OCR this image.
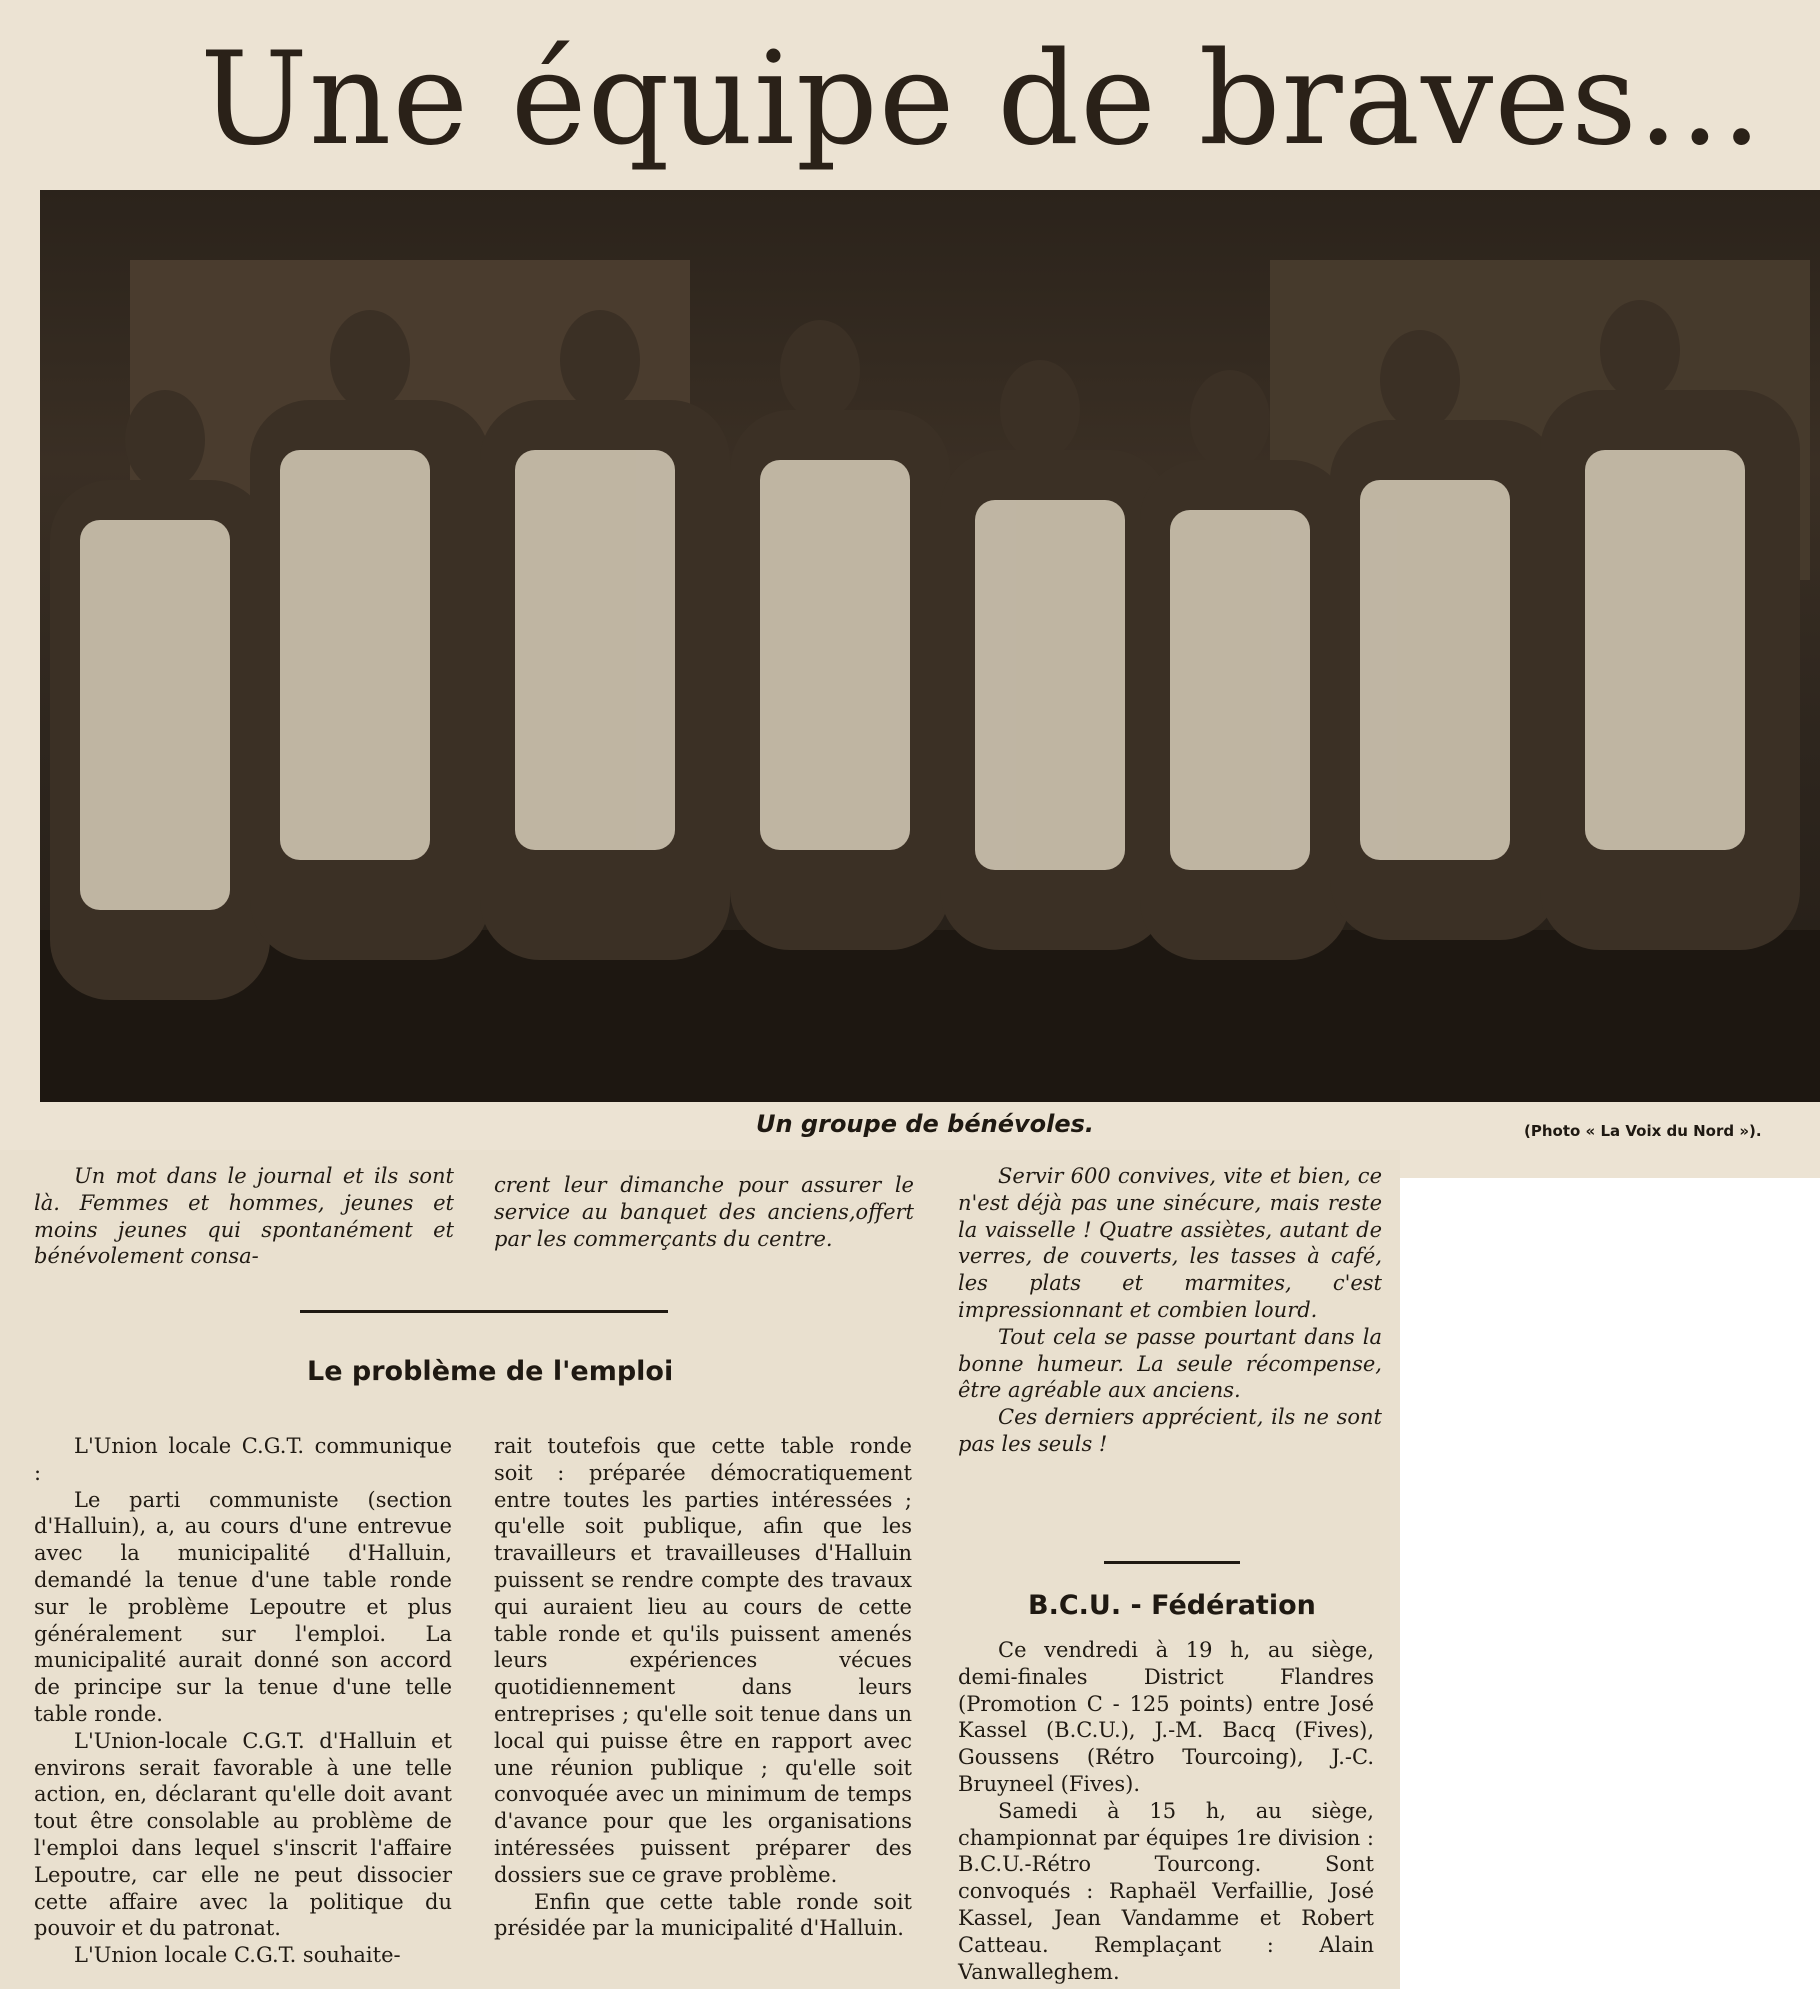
Une équipe de braves...
Un groupe de bénévoles.	(Photo « La Voix du Nord »).

Un mot dans le journal et ils sont là. Femmes et hommes, jeunes et moins jeunes qui spontanément et bénévolement consa-

crent leur dimanche pour assurer le service au banquet des anciens,offert par les commerçants du centre.

Le problème de l'emploi

L'Union locale C.G.T. communique :

Le parti communiste (section d'Halluin), a, au cours d'une entrevue avec la municipalité d'Halluin, demandé la tenue d'une table ronde sur le problème Lepoutre et plus généralement sur l'emploi. La municipalité aurait donné son accord de principe sur la tenue d'une telle table ronde.

L'Union-locale C.G.T. d'Halluin et environs serait favorable à une telle action, en, déclarant qu'elle doit avant tout être consolable au problème de l'emploi dans lequel s'inscrit l'affaire Lepoutre, car elle ne peut dissocier cette affaire avec la politique du pouvoir et du patronat.

L'Union locale C.G.T. souhaite-

rait toutefois que cette table ronde soit : préparée démocratiquement entre toutes les parties intéressées ; qu'elle soit publique, afin que les travailleurs et travailleuses d'Halluin puissent se rendre compte des travaux qui auraient lieu au cours de cette table ronde et qu'ils puissent amenés leurs expériences vécues quotidiennement dans leurs entreprises ; qu'elle soit tenue dans un local qui puisse être en rapport avec une réunion publique ; qu'elle soit convoquée avec un minimum de temps d'avance pour que les organisations intéressées puissent préparer des dossiers sue ce grave problème.

Enfin que cette table ronde soit présidée par la municipalité d'Halluin.

Servir 600 convives, vite et bien, ce n'est déjà pas une sinécure, mais reste la vaisselle ! Quatre assiètes, autant de verres, de couverts, les tasses à café, les plats et marmites, c'est impressionnant et combien lourd.

Tout cela se passe pourtant dans la bonne humeur. La seule récompense, être agréable aux anciens.

Ces derniers apprécient, ils ne sont pas les seuls !

B.C.U. - Fédération

Ce vendredi à 19 h, au siège, demi-finales District Flandres (Promotion C - 125 points) entre José Kassel (B.C.U.), J.-M. Bacq (Fives), Goussens (Rétro Tourcoing), J.-C. Bruyneel (Fives).

Samedi à 15 h, au siège, championnat par équipes 1re division : B.C.U.-Rétro Tourcong. Sont convoqués : Raphaël Verfaillie, José Kassel, Jean Vandamme et Robert Catteau. Remplaçant : Alain Vanwalleghem.
